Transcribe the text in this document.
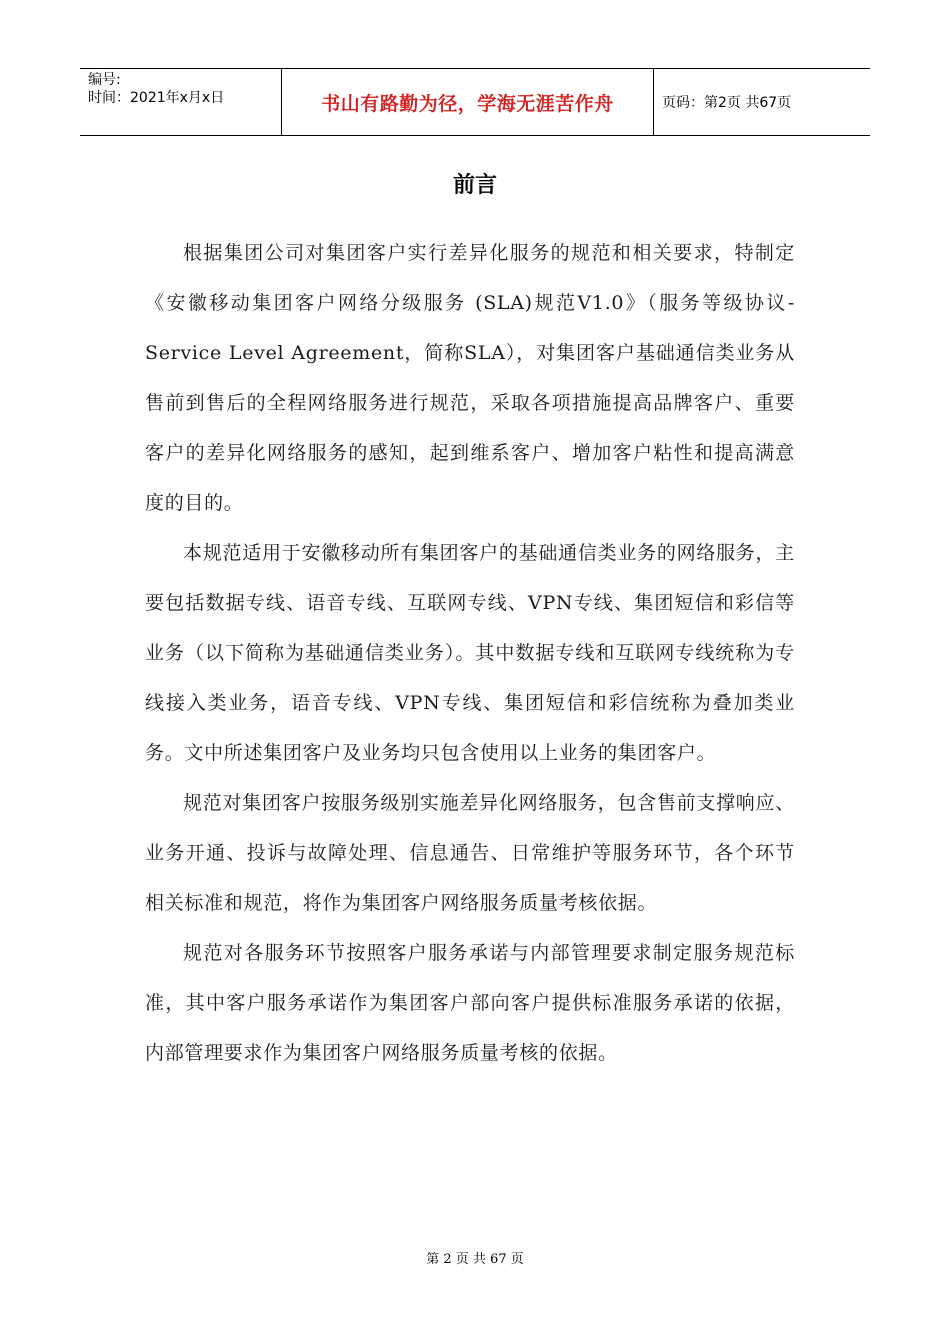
编号:
时间：2021年x月x日	书山有路勤为径，学海无涯苦作舟	页码：第2页 共67页
前言

根据集团公司对集团客户实行差异化服务的规范和相关要求，特制定《安徽移动集团客户网络分级服务 (SLA)规范V1.0》（服务等级协议-Service Level Agreement，简称SLA），对集团客户基础通信类业务从售前到售后的全程网络服务进行规范，采取各项措施提高品牌客户、重要客户的差异化网络服务的感知，起到维系客户、增加客户粘性和提高满意度的目的。

本规范适用于安徽移动所有集团客户的基础通信类业务的网络服务，主要包括数据专线、语音专线、互联网专线、VPN专线、集团短信和彩信等业务（以下简称为基础通信类业务）。其中数据专线和互联网专线统称为专线接入类业务，语音专线、VPN专线、集团短信和彩信统称为叠加类业务。文中所述集团客户及业务均只包含使用以上业务的集团客户。

规范对集团客户按服务级别实施差异化网络服务，包含售前支撑响应、业务开通、投诉与故障处理、信息通告、日常维护等服务环节，各个环节相关标准和规范，将作为集团客户网络服务质量考核依据。

规范对各服务环节按照客户服务承诺与内部管理要求制定服务规范标准，其中客户服务承诺作为集团客户部向客户提供标准服务承诺的依据，内部管理要求作为集团客户网络服务质量考核的依据。

第 2 页 共 67 页
